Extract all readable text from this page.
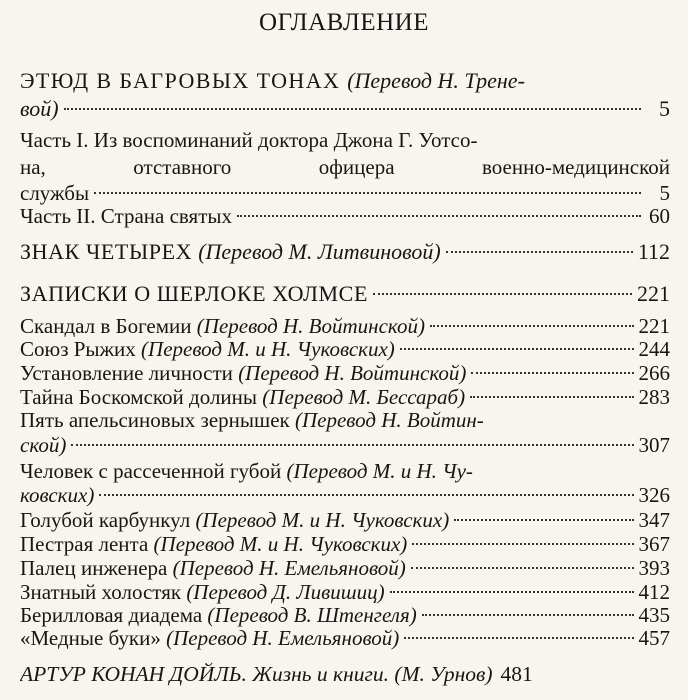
ОГЛАВЛЕНИЕ
ЭТЮД В БАГРОВЫХ ТОНАХ (Перевод Н. Трене-
вой)	5
Часть I. Из воспоминаний доктора Джона Г. Уотсо-
на, отставного офицера военно-медицинской
службы	5
Часть II. Страна святых	60
ЗНАК ЧЕТЫРЕХ (Перевод М. Литвиновой)	112
ЗАПИСКИ О ШЕРЛОКЕ ХОЛМСЕ	221
Скандал в Богемии (Перевод Н. Войтинской)	221
Союз Рыжих (Перевод М. и Н. Чуковских)	244
Установление личности (Перевод Н. Войтинской)	266
Тайна Боскомской долины (Перевод М. Бессараб)	283
Пять апельсиновых зернышек (Перевод Н. Войтин-
ской)	307
Человек с рассеченной губой (Перевод М. и Н. Чу-
ковских)	326
Голубой карбункул (Перевод М. и Н. Чуковских)	347
Пестрая лента (Перевод М. и Н. Чуковских)	367
Палец инженера (Перевод Н. Емельяновой)	393
Знатный холостяк (Перевод Д. Ливишиц)	412
Берилловая диадема (Перевод В. Штенгеля)	435
«Медные буки» (Перевод Н. Емельяновой)	457
АРТУР КОНАН ДОЙЛЬ. Жизнь и книги. (М. Урнов) 481
